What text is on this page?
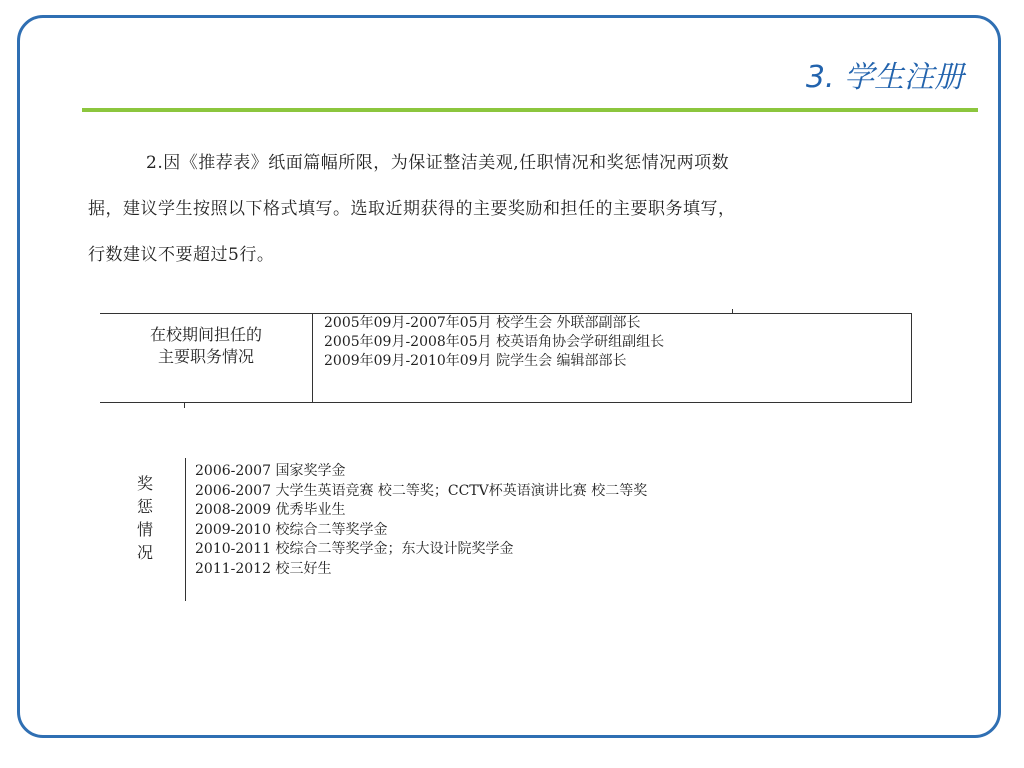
3. 学生注册
2.因《推荐表》纸面篇幅所限，为保证整洁美观,任职情况和奖惩情况两项数
据，建议学生按照以下格式填写。选取近期获得的主要奖励和担任的主要职务填写，
行数建议不要超过5行。
在校期间担任的
主要职务情况
2005年09月-2007年05月 校学生会 外联部副部长
2005年09月-2008年05月 校英语角协会学研组副组长
2009年09月-2010年09月 院学生会 编辑部部长
奖
惩
情
况
2006-2007 国家奖学金
2006-2007 大学生英语竞赛 校二等奖；CCTV杯英语演讲比赛 校二等奖
2008-2009 优秀毕业生
2009-2010 校综合二等奖学金
2010-2011 校综合二等奖学金；东大设计院奖学金
2011-2012 校三好生
